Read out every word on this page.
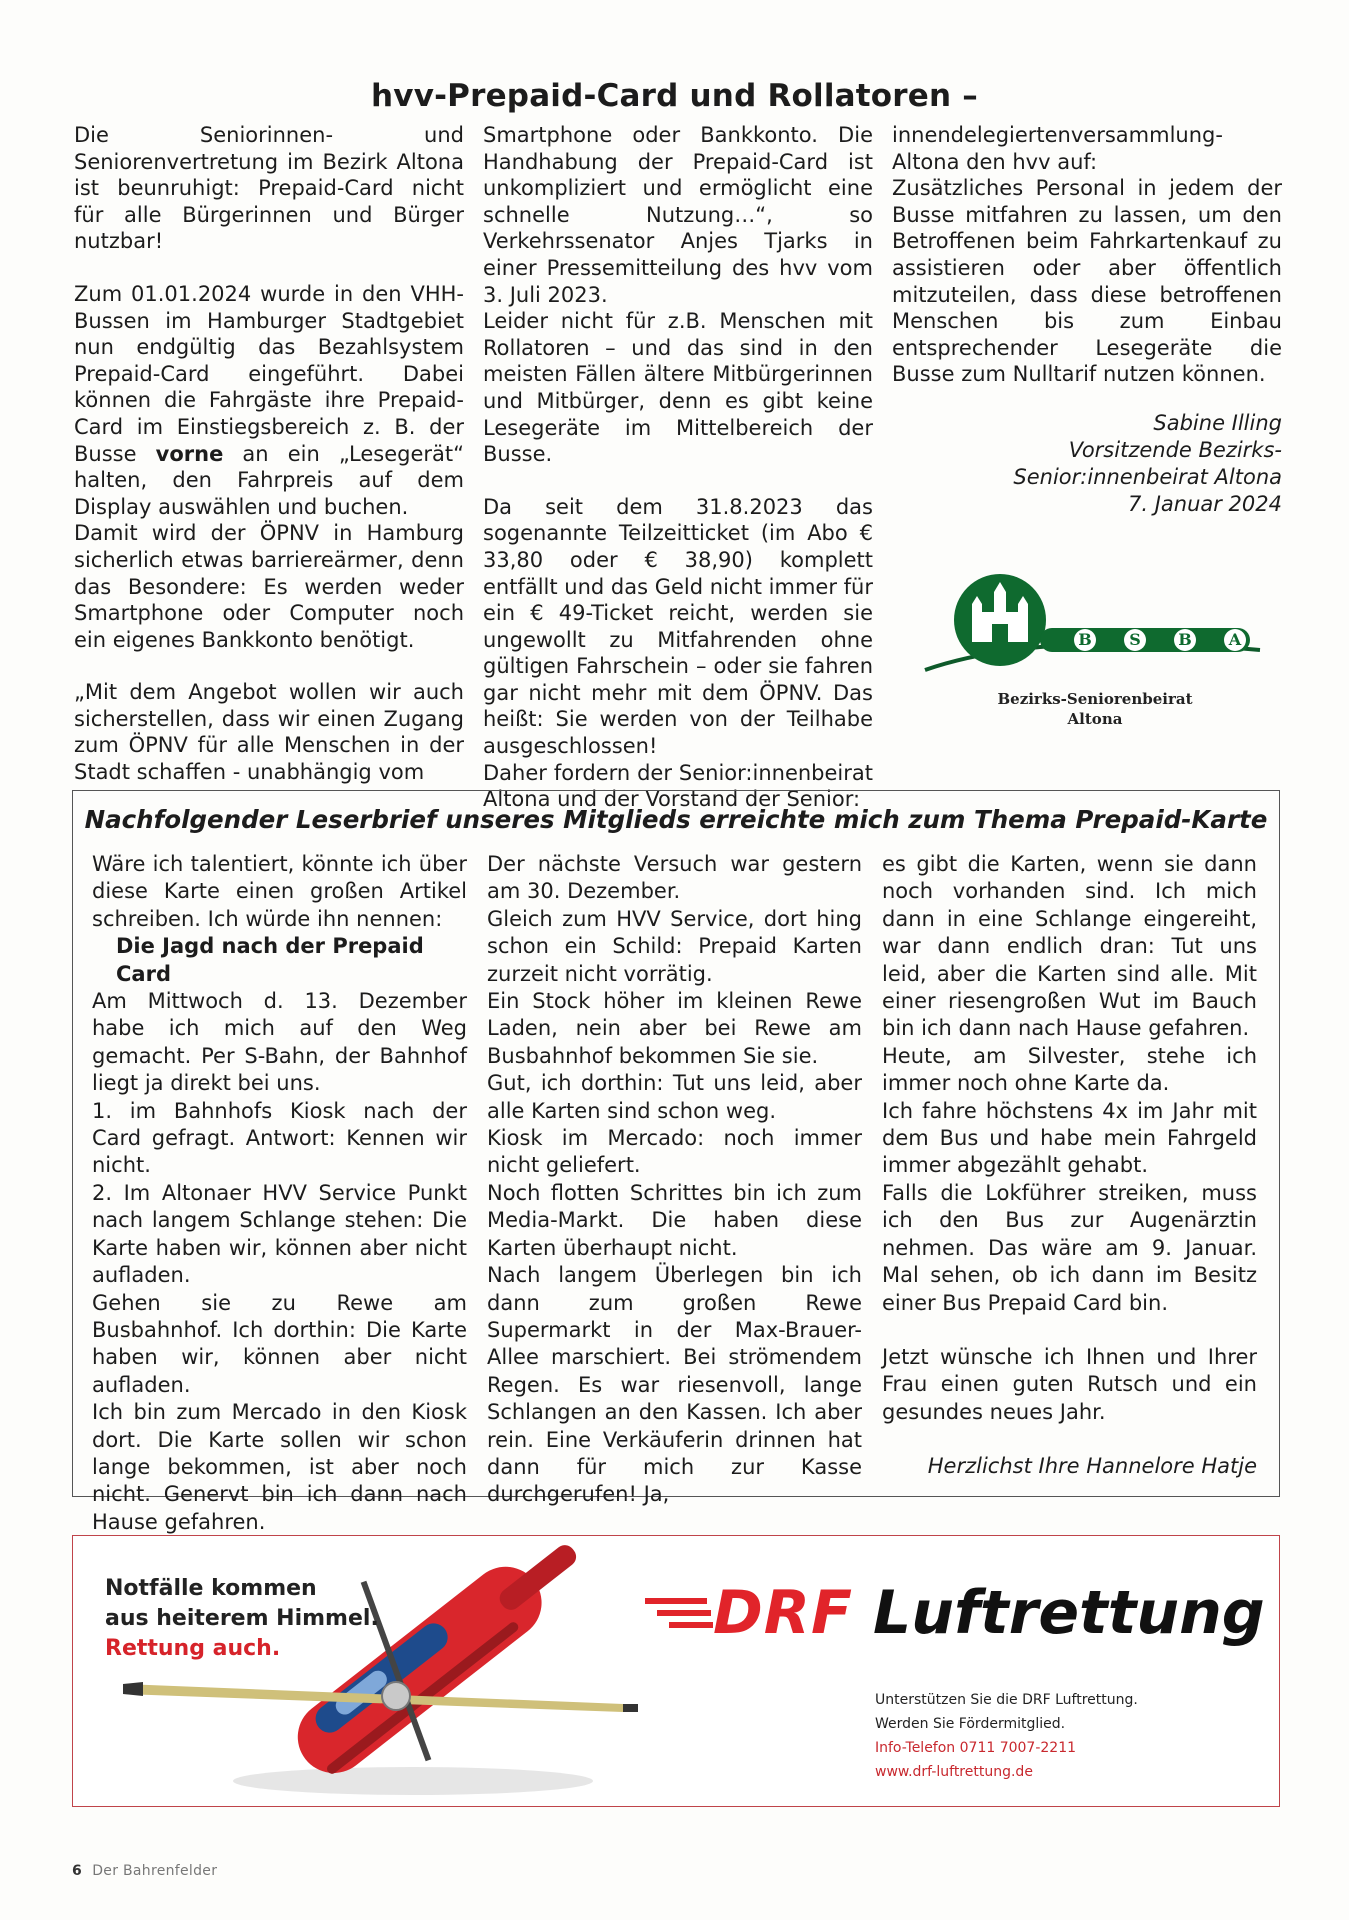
hvv-Prepaid-Card und Rollatoren –

Die Seniorinnen- und Seniorenvertretung im Bezirk Altona ist beunruhigt: Prepaid-Card nicht für alle Bürgerinnen und Bürger nutzbar!

Zum 01.01.2024 wurde in den VHH-Bussen im Hamburger Stadtgebiet nun endgültig das Bezahlsystem Prepaid-Card eingeführt. Dabei können die Fahrgäste ihre Prepaid-Card im Einstiegsbereich z. B. der Busse vorne an ein „Lesegerät“ halten, den Fahrpreis auf dem Display auswählen und buchen.

Damit wird der ÖPNV in Hamburg sicherlich etwas barriereärmer, denn das Besondere: Es werden weder Smartphone oder Computer noch ein eigenes Bankkonto benötigt.

„Mit dem Angebot wollen wir auch sicherstellen, dass wir einen Zugang zum ÖPNV für alle Menschen in der Stadt schaffen - unabhängig vom

Smartphone oder Bankkonto. Die Handhabung der Prepaid-Card ist unkompliziert und ermöglicht eine schnelle Nutzung…“, so Verkehrssenator Anjes Tjarks in einer Pressemitteilung des hvv vom 3. Juli 2023.

Leider nicht für z.B. Menschen mit Rollatoren – und das sind in den meisten Fällen ältere Mitbürgerinnen und Mitbürger, denn es gibt keine Lesegeräte im Mittelbereich der Busse.

Da seit dem 31.8.2023 das sogenannte Teilzeitticket (im Abo € 33,80 oder € 38,90) komplett entfällt und das Geld nicht immer für ein € 49-Ticket reicht, werden sie ungewollt zu Mitfahrenden ohne gültigen Fahrschein – oder sie fahren gar nicht mehr mit dem ÖPNV. Das heißt: Sie werden von der Teilhabe ausgeschlossen!

Daher fordern der Senior:innenbeirat Altona und der Vorstand der Senior:

innendelegiertenversammlung-Altona den hvv auf:

Zusätzliches Personal in jedem der Busse mitfahren zu lassen, um den Betroffenen beim Fahrkartenkauf zu assistieren oder aber öffentlich mitzuteilen, dass diese betroffenen Menschen bis zum Einbau entsprechender Lesegeräte die Busse zum Nulltarif nutzen können.

Sabine Illing
Vorsitzende Bezirks-
Senior:innenbeirat Altona
7. Januar 2024
B	S	B A
Bezirks-Seniorenbeirat
Altona
Nachfolgender Leserbrief unseres Mitglieds erreichte mich zum Thema Prepaid-Karte

Wäre ich talentiert, könnte ich über diese Karte einen großen Artikel schreiben. Ich würde ihn nennen:

Die Jagd nach der Prepaid Card

Am Mittwoch d. 13. Dezember habe ich mich auf den Weg gemacht. Per S-Bahn, der Bahnhof liegt ja direkt bei uns.

1. im Bahnhofs Kiosk nach der Card gefragt. Antwort: Kennen wir nicht.

2. Im Altonaer HVV Service Punkt nach langem Schlange stehen: Die Karte haben wir, können aber nicht aufladen.

Gehen sie zu Rewe am Busbahnhof. Ich dorthin: Die Karte haben wir, können aber nicht aufladen.

Ich bin zum Mercado in den Kiosk dort. Die Karte sollen wir schon lange bekommen, ist aber noch nicht. Genervt bin ich dann nach Hause gefahren.

Der nächste Versuch war gestern am 30. Dezember.

Gleich zum HVV Service, dort hing schon ein Schild: Prepaid Karten zurzeit nicht vorrätig.

Ein Stock höher im kleinen Rewe Laden, nein aber bei Rewe am Busbahnhof bekommen Sie sie.

Gut, ich dorthin: Tut uns leid, aber alle Karten sind schon weg.

Kiosk im Mercado: noch immer nicht geliefert.

Noch flotten Schrittes bin ich zum Media-Markt. Die haben diese Karten überhaupt nicht.

Nach langem Überlegen bin ich dann zum großen Rewe Supermarkt in der Max-Brauer-Allee marschiert. Bei strömendem Regen. Es war riesenvoll, lange Schlangen an den Kassen. Ich aber rein. Eine Verkäuferin drinnen hat dann für mich zur Kasse durchgerufen! Ja,

es gibt die Karten, wenn sie dann noch vorhanden sind. Ich mich dann in eine Schlange eingereiht, war dann endlich dran: Tut uns leid, aber die Karten sind alle. Mit einer riesengroßen Wut im Bauch bin ich dann nach Hause gefahren.

Heute, am Silvester, stehe ich immer noch ohne Karte da.

Ich fahre höchstens 4x im Jahr mit dem Bus und habe mein Fahrgeld immer abgezählt gehabt.

Falls die Lokführer streiken, muss ich den Bus zur Augenärztin nehmen. Das wäre am 9. Januar. Mal sehen, ob ich dann im Besitz einer Bus Prepaid Card bin.

Jetzt wünsche ich Ihnen und Ihrer Frau einen guten Rutsch und ein gesundes neues Jahr.

Herzlichst Ihre Hannelore Hatje

Notfälle kommen
aus heiterem Himmel.
Rettung auch.
DRF Luftrettung
Unterstützen Sie die DRF Luftrettung.
Werden Sie Fördermitglied.
Info-Telefon 0711 7007-2211
www.drf-luftrettung.de
6 Der Bahrenfelder
